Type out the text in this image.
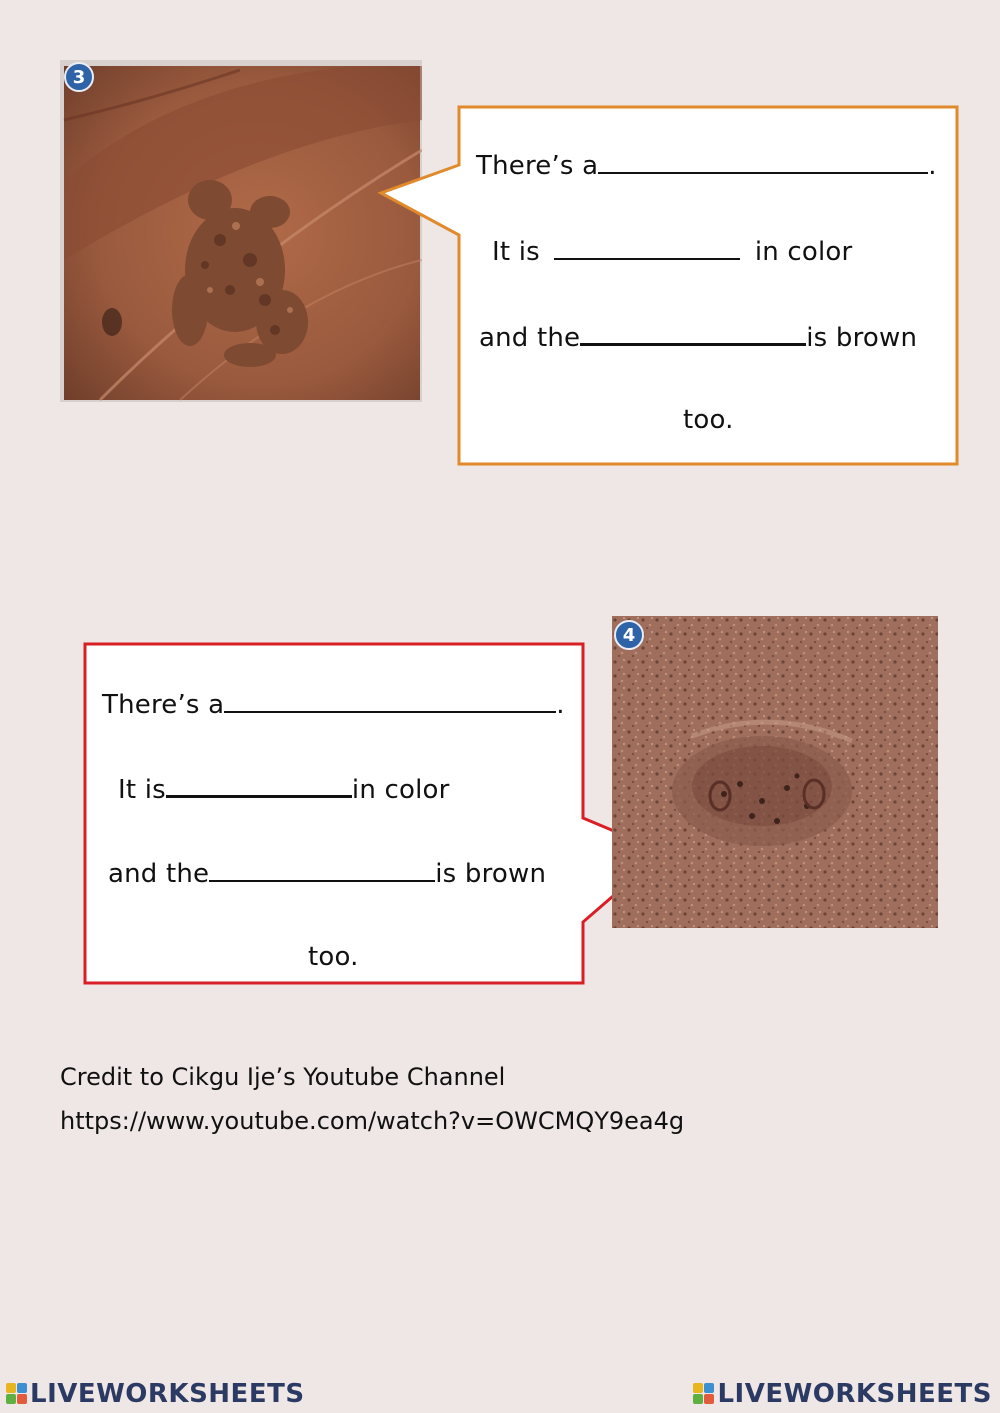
3
There’s a	.
It is	in color
and the	is brown
too.
4
There’s a	.
It is	in color
and the	is brown
too.
Credit to Cikgu Ije’s Youtube Channel
https://www.youtube.com/watch?v=OWCMQY9ea4g
LIVEWORKSHEETS	LIVEWORKSHEETS
